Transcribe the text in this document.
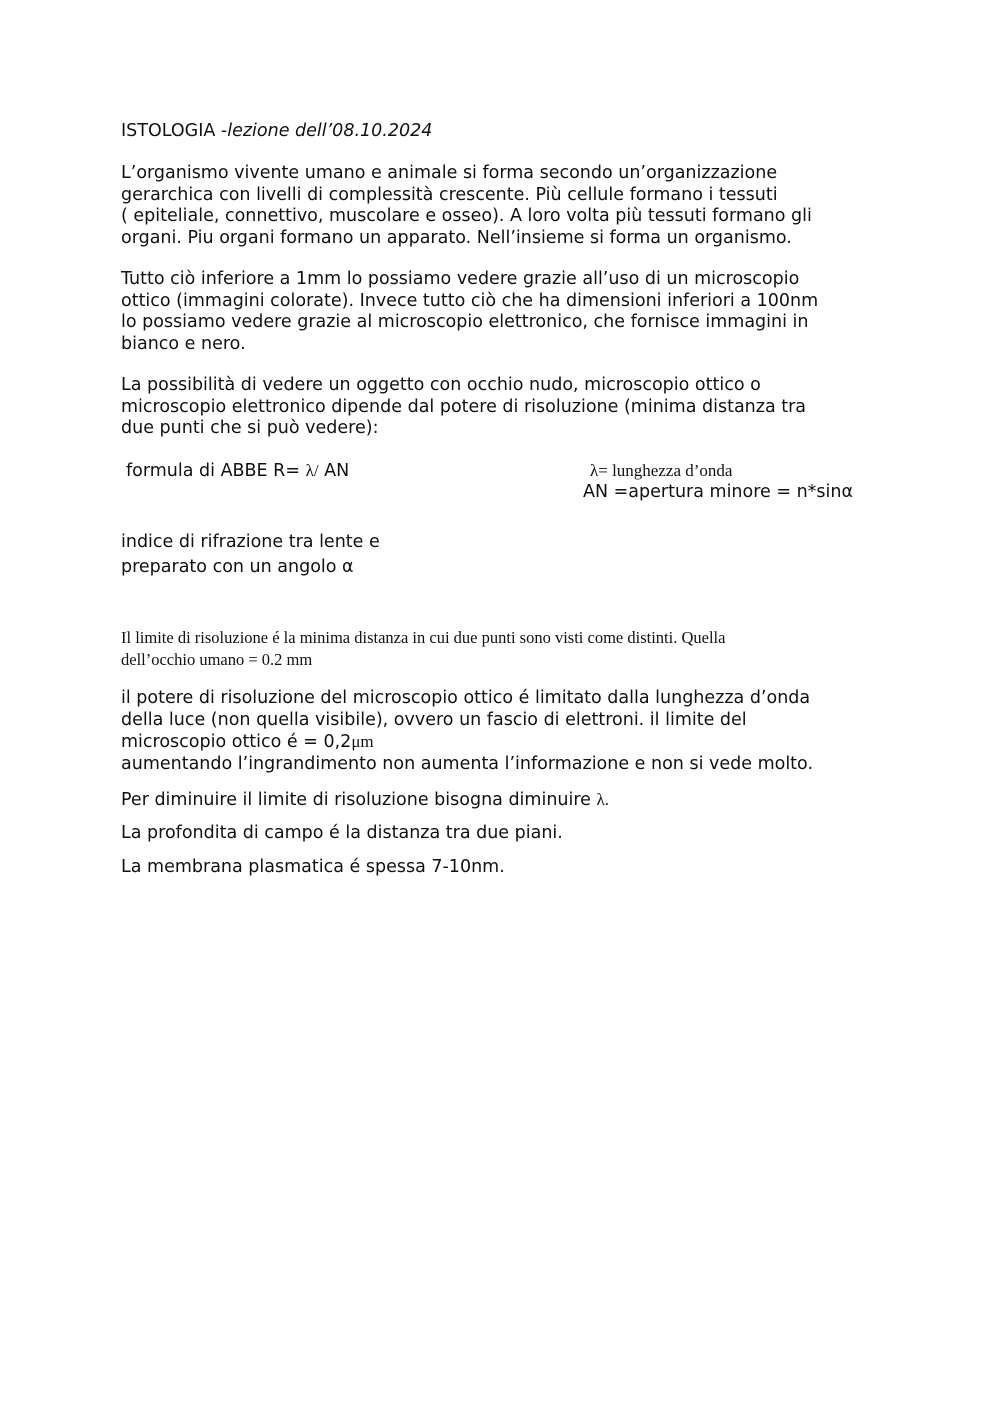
ISTOLOGIA -lezione dell’08.10.2024
L’organismo vivente umano e animale si forma secondo un’organizzazione
gerarchica con livelli di complessità crescente. Più cellule formano i tessuti
( epiteliale, connettivo, muscolare e osseo). A loro volta più tessuti formano gli
organi. Piu organi formano un apparato. Nell’insieme si forma un organismo.
Tutto ciò inferiore a 1mm lo possiamo vedere grazie all’uso di un microscopio
ottico (immagini colorate). Invece tutto ciò che ha dimensioni inferiori a 100nm
lo possiamo vedere grazie al microscopio elettronico, che fornisce immagini in
bianco e nero.
La possibilità di vedere un oggetto con occhio nudo, microscopio ottico o
microscopio elettronico dipende dal potere di risoluzione (minima distanza tra
due punti che si può vedere):
formula di ABBE R= λ/ AN	λ= lunghezza d’onda
AN =apertura minore = n*sinα
indice di rifrazione tra lente e
preparato con un angolo α
Il limite di risoluzione é la minima distanza in cui due punti sono visti come distinti. Quella
dell’occhio umano = 0.2 mm
il potere di risoluzione del microscopio ottico é limitato dalla lunghezza d’onda
della luce (non quella visibile), ovvero un fascio di elettroni. il limite del
microscopio ottico é = 0,2μm
aumentando l’ingrandimento non aumenta l’informazione e non si vede molto.
Per diminuire il limite di risoluzione bisogna diminuire λ.
La profondita di campo é la distanza tra due piani.
La membrana plasmatica é spessa 7-10nm.
